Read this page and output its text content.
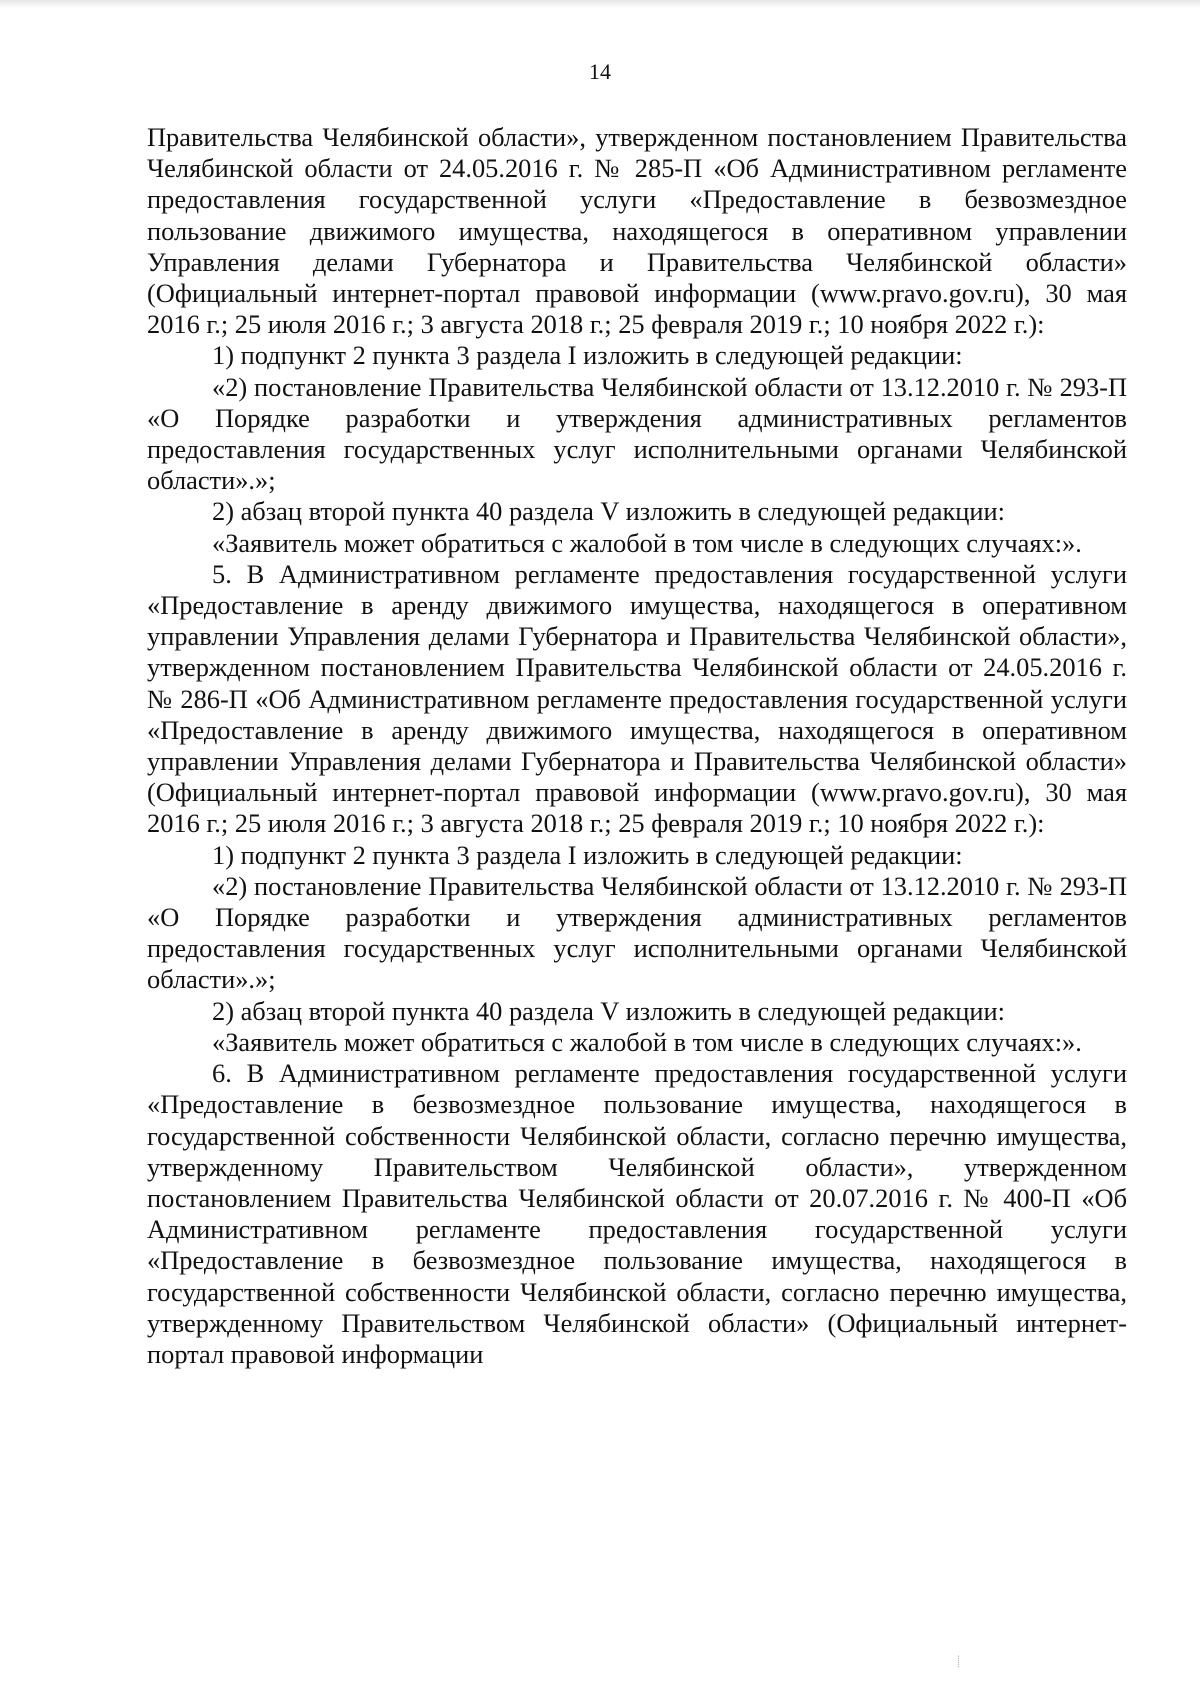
14

Правительства Челябинской области», утвержденном постановлением Правительства Челябинской области от 24.05.2016 г. № 285-П «Об Административном регламенте предоставления государственной услуги «Предоставление в безвозмездное пользование движимого имущества, находящегося в оперативном управлении Управления делами Губернатора и Правительства Челябинской области» (Официальный интернет-портал правовой информации (www.pravo.gov.ru), 30 мая 2016 г.; 25 июля 2016 г.; 3 августа 2018 г.; 25 февраля 2019 г.; 10 ноября 2022 г.):

1) подпункт 2 пункта 3 раздела I изложить в следующей редакции:

«2) постановление Правительства Челябинской области от 13.12.2010 г. № 293-П «О Порядке разработки и утверждения административных регламентов предоставления государственных услуг исполнительными органами Челябинской области».»;

2) абзац второй пункта 40 раздела V изложить в следующей редакции:

«Заявитель может обратиться с жалобой в том числе в следующих случаях:».

5. В Административном регламенте предоставления государственной услуги «Предоставление в аренду движимого имущества, находящегося в оперативном управлении Управления делами Губернатора и Правительства Челябинской области», утвержденном постановлением Правительства Челябинской области от 24.05.2016 г. № 286-П «Об Административном регламенте предоставления государственной услуги «Предоставление в аренду движимого имущества, находящегося в оперативном управлении Управления делами Губернатора и Правительства Челябинской области» (Официальный интернет-портал правовой информации (www.pravo.gov.ru), 30 мая 2016 г.; 25 июля 2016 г.; 3 августа 2018 г.; 25 февраля 2019 г.; 10 ноября 2022 г.):

1) подпункт 2 пункта 3 раздела I изложить в следующей редакции:

«2) постановление Правительства Челябинской области от 13.12.2010 г. № 293-П «О Порядке разработки и утверждения административных регламентов предоставления государственных услуг исполнительными органами Челябинской области».»;

2) абзац второй пункта 40 раздела V изложить в следующей редакции:

«Заявитель может обратиться с жалобой в том числе в следующих случаях:».

6. В Административном регламенте предоставления государственной услуги «Предоставление в безвозмездное пользование имущества, находящегося в государственной собственности Челябинской области, согласно перечню имущества, утвержденному Правительством Челябинской области», утвержденном постановлением Правительства Челябинской области от 20.07.2016 г. № 400-П «Об Административном регламенте предоставления государственной услуги «Предоставление в безвозмездное пользование имущества, находящегося в государственной собственности Челябинской области, согласно перечню имущества, утвержденному Правительством Челябинской области» (Официальный интернет-портал правовой информации

⸽
